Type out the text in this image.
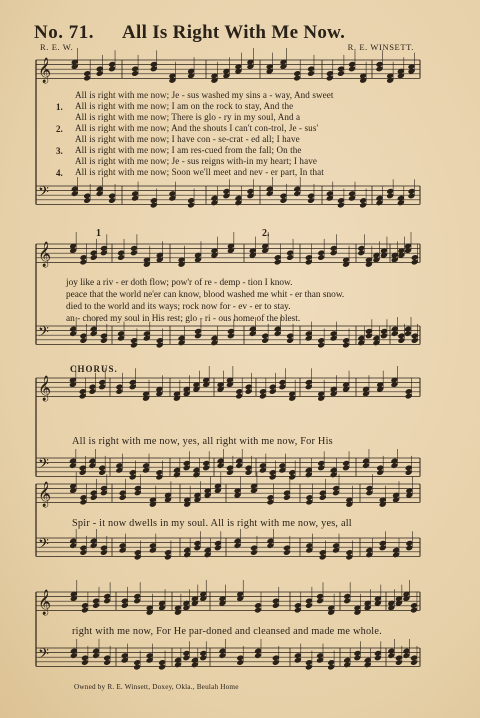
𝄞
𝄢
𝄞
𝄢
𝄞
𝄢
𝄞
𝄢
𝄞
𝄢
No. 71. All Is Right With Me Now.
R. E. W.	R. E. WINSETT.
1.
2.
3.
4.
All is right with me now; Je - sus washed my sins a - way, And sweet
All is right with me now; I am on the rock to stay, And the
All is right with me now; There is glo - ry in my soul, And a
All is right with me now; And the shouts I can't con-trol, Je - sus'
All is right with me now; I have con - se-crat - ed all; I have
All is right with me now; I am res-cued from the fall; On the
All is right with me now; Je - sus reigns with-in my heart; I have
All is right with me now; Soon we'll meet and nev - er part, In that
1	2.
joy like a riv - er doth flow; pow'r of re - demp - tion I know.
peace that the world ne'er can know, blood washed me whit - er than snow.
died to the world and its ways; rock now for - ev - er to stay.
an - chored my soul in His rest; glo - ri - ous home of the blest.
CHORUS.
All is right with me now, yes, all right with me now, For His
Spir - it now dwells in my soul. All is right with me now, yes, all
right with me now, For He par-doned and cleansed and made me whole.
Owned by R. E. Winsett, Doxey, Okla., Beulah Home
